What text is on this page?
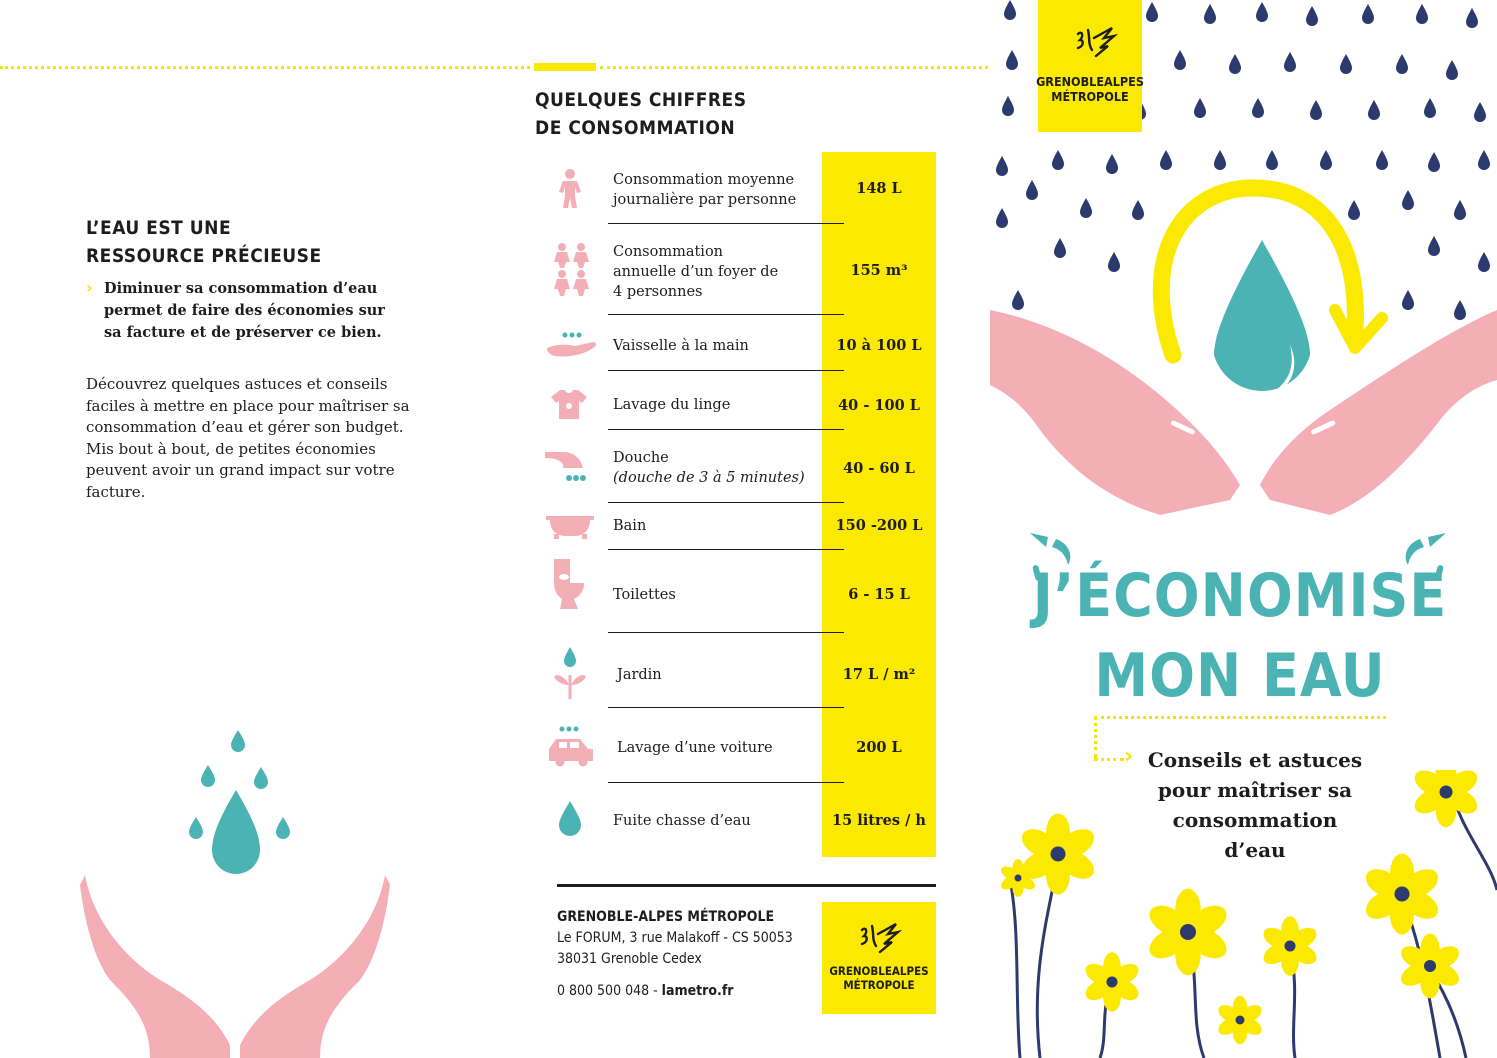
L’EAU EST UNE
RESSOURCE PRÉCIEUSE
› Diminuer sa consommation d’eau
permet de faire des économies sur
sa facture et de préserver ce bien.
Découvrez quelques astuces et conseils
faciles à mettre en place pour maîtriser sa
consommation d’eau et gérer son budget.
Mis bout à bout, de petites économies
peuvent avoir un grand impact sur votre
facture.
QUELQUES CHIFFRES
DE CONSOMMATION
Consommation moyenne
journalière par personne
148 L
Consommation
annuelle d’un foyer de
4 personnes
155 m³
Vaisselle à la main	10 à 100 L
Lavage du linge	40 - 100 L
Douche
(douche de 3 à 5 minutes)
40 - 60 L
Bain	150 -200 L
Toilettes	6 - 15 L
Jardin	17 L / m²
Lavage d’une voiture	200 L
Fuite chasse d’eau	15 litres / h
GRENOBLE-ALPES MÉTROPOLE
Le FORUM, 3 rue Malakoff - CS 50053
38031 Grenoble Cedex
0 800 500 048 - lametro.fr
GRENOBLEALPES
MÉTROPOLE
GRENOBLEALPES
MÉTROPOLE
J’ÉCONOMISE
MON EAU
› Conseils et astuces
pour maîtriser sa
consommation
d’eau
